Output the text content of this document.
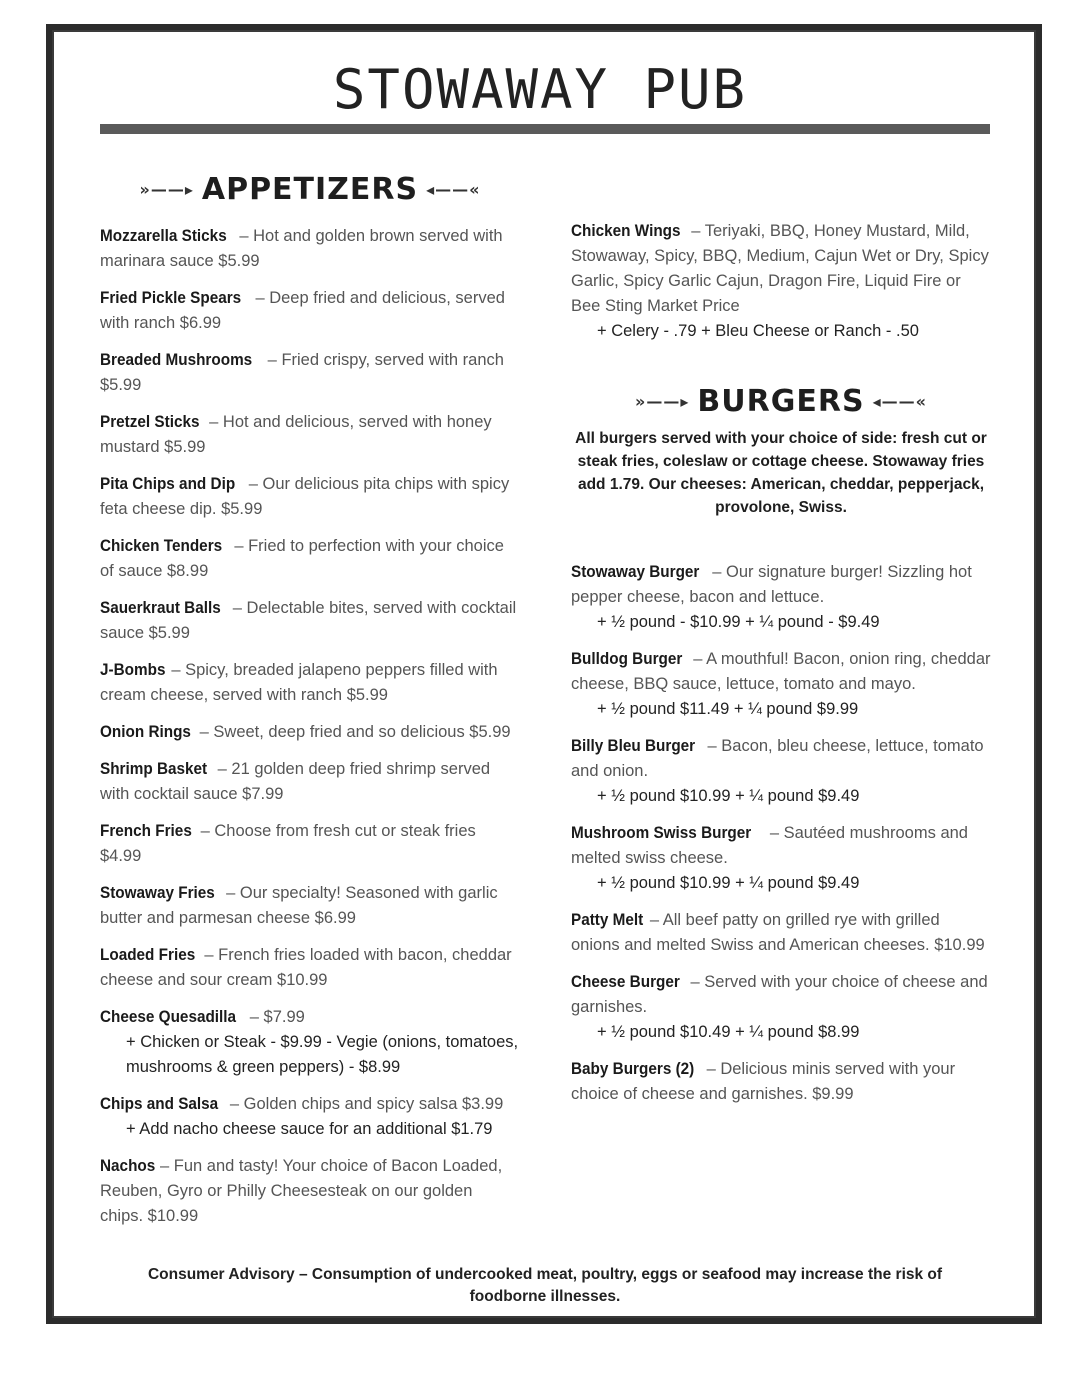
STOWAWAY PUB
»——▸ APPETIZERS ◂——«
Mozzarella Sticks – Hot and golden brown served with marinara sauce $5.99
Fried Pickle Spears – Deep fried and delicious, served with ranch $6.99
Breaded Mushrooms – Fried crispy, served with ranch $5.99
Pretzel Sticks – Hot and delicious, served with honey mustard $5.99
Pita Chips and Dip – Our delicious pita chips with spicy feta cheese dip. $5.99
Chicken Tenders – Fried to perfection with your choice of sauce $8.99
Sauerkraut Balls – Delectable bites, served with cocktail sauce $5.99
J-Bombs – Spicy, breaded jalapeno peppers filled with cream cheese, served with ranch $5.99
Onion Rings – Sweet, deep fried and so delicious $5.99
Shrimp Basket – 21 golden deep fried shrimp served with cocktail sauce $7.99
French Fries – Choose from fresh cut or steak fries $4.99
Stowaway Fries – Our specialty! Seasoned with garlic butter and parmesan cheese $6.99
Loaded Fries – French fries loaded with bacon, cheddar cheese and sour cream $10.99
Cheese Quesadilla – $7.99
+ Chicken or Steak - $9.99 - Vegie (onions, tomatoes, mushrooms & green peppers) - $8.99
Chips and Salsa – Golden chips and spicy salsa $3.99
+ Add nacho cheese sauce for an additional $1.79
Nachos – Fun and tasty! Your choice of Bacon Loaded, Reuben, Gyro or Philly Cheesesteak on our golden chips. $10.99
Chicken Wings – Teriyaki, BBQ, Honey Mustard, Mild, Stowaway, Spicy, BBQ, Medium, Cajun Wet or Dry, Spicy Garlic, Spicy Garlic Cajun, Dragon Fire, Liquid Fire or Bee Sting Market Price
+ Celery - .79 + Bleu Cheese or Ranch - .50
»——▸ BURGERS ◂——«
All burgers served with your choice of side: fresh cut or steak fries, coleslaw or cottage cheese. Stowaway fries add 1.79. Our cheeses: American, cheddar, pepperjack, provolone, Swiss.
Stowaway Burger – Our signature burger! Sizzling hot pepper cheese, bacon and lettuce.
+ ½ pound - $10.99 + ¼ pound - $9.49
Bulldog Burger – A mouthful! Bacon, onion ring, cheddar cheese, BBQ sauce, lettuce, tomato and mayo.
+ ½ pound $11.49 + ¼ pound $9.99
Billy Bleu Burger – Bacon, bleu cheese, lettuce, tomato and onion.
+ ½ pound $10.99 + ¼ pound $9.49
Mushroom Swiss Burger – Sautéed mushrooms and melted swiss cheese.
+ ½ pound $10.99 + ¼ pound $9.49
Patty Melt – All beef patty on grilled rye with grilled onions and melted Swiss and American cheeses. $10.99
Cheese Burger – Served with your choice of cheese and garnishes.
+ ½ pound $10.49 + ¼ pound $8.99
Baby Burgers (2) – Delicious minis served with your choice of cheese and garnishes. $9.99
Consumer Advisory – Consumption of undercooked meat, poultry, eggs or seafood may increase the risk of foodborne illnesses.
